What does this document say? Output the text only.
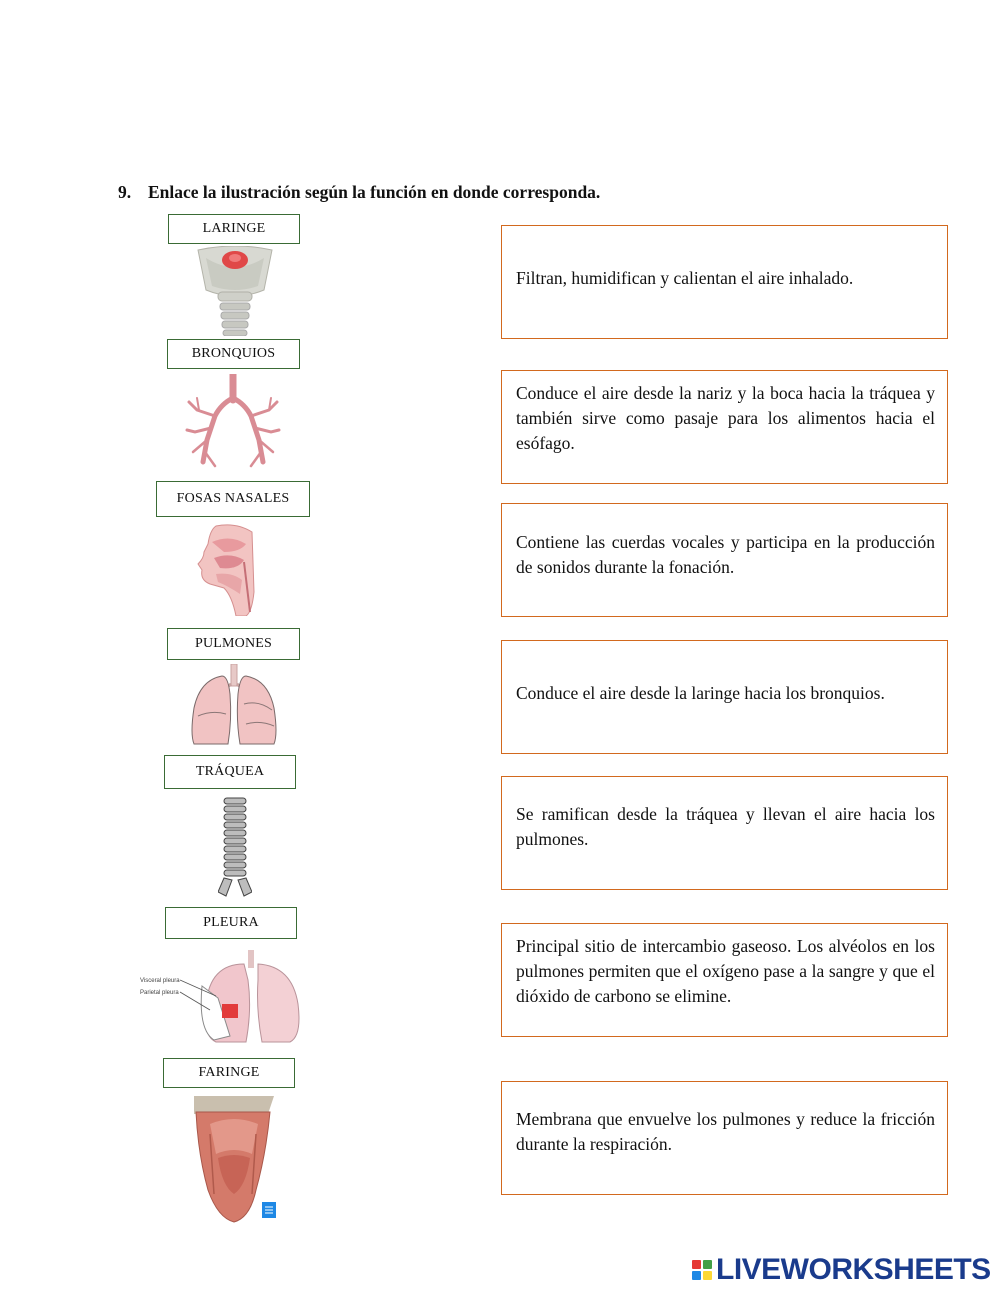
9. Enlace la ilustración según la función en donde corresponda.
LARINGE
BRONQUIOS
FOSAS NASALES
PULMONES
TRÁQUEA
PLEURA
Visceral pleura
Parietal pleura
FARINGE
Filtran, humidifican y calientan el aire inhalado.
Conduce el aire desde la nariz y la boca hacia la tráquea y también sirve como pasaje para los alimentos hacia el esófago.
Contiene las cuerdas vocales y participa en la producción de sonidos durante la fonación.
Conduce el aire desde la laringe hacia los bronquios.
Se ramifican desde la tráquea y llevan el aire hacia los pulmones.
Principal sitio de intercambio gaseoso. Los alvéolos en los pulmones permiten que el oxígeno pase a la sangre y que el dióxido de carbono se elimine.
Membrana que envuelve los pulmones y reduce la fricción durante la respiración.
LIVEWORKSHEETS
